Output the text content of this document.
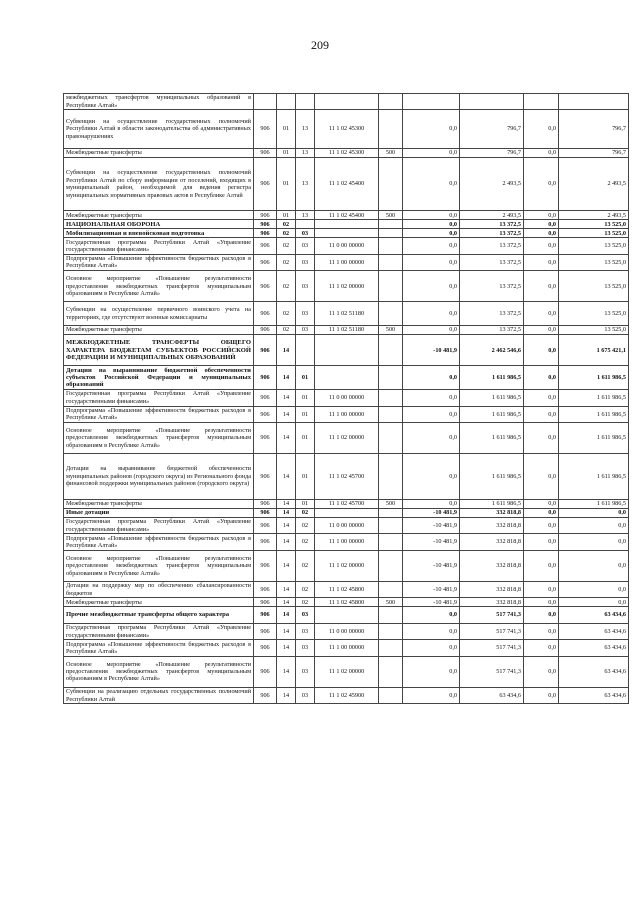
209
межбюджетных трансфертов муниципальных образований в Республике Алтай»									
Субвенции на осуществление государственных полномочий Республики Алтай в области законодательства об административных правонарушениях	906	01	13	11 1 02 45300		0,0	796,7	0,0	796,7
Межбюджетные трансферты	906	01	13	11 1 02 45300	500	0,0	796,7	0,0	796,7
Субвенции на осуществление государственных полномочий Республики Алтай по сбору информации от поселений, входящих в муниципальный район, необходимой для ведения регистра муниципальных нормативных правовых актов в Республике Алтай	906	01	13	11 1 02 45400		0,0	2 493,5	0,0	2 493,5
Межбюджетные трансферты	906	01	13	11 1 02 45400	500	0,0	2 493,5	0,0	2 493,5
НАЦИОНАЛЬНАЯ ОБОРОНА	906	02				0,0	13 372,5	0,0	13 525,0
Мобилизационная и вневойсковая подготовка	906	02	03			0,0	13 372,5	0,0	13 525,0
Государственная программа Республики Алтай «Управление государственными финансами»	906	02	03	11 0 00 00000		0,0	13 372,5	0,0	13 525,0
Подпрограмма «Повышение эффективности бюджетных расходов в Республике Алтай»	906	02	03	11 1 00 00000		0,0	13 372,5	0,0	13 525,0
Основное мероприятие «Повышение результативности предоставления межбюджетных трансфертов муниципальным образованиям в Республике Алтай»	906	02	03	11 1 02 00000		0,0	13 372,5	0,0	13 525,0
Субвенции на осуществление первичного воинского учета на территориях, где отсутствуют военные комиссариаты	906	02	03	11 1 02 51180		0,0	13 372,5	0,0	13 525,0
Межбюджетные трансферты	906	02	03	11 1 02 51180	500	0,0	13 372,5	0,0	13 525,0
МЕЖБЮДЖЕТНЫЕ ТРАНСФЕРТЫ ОБЩЕГО ХАРАКТЕРА БЮДЖЕТАМ СУБЪЕКТОВ РОССИЙСКОЙ ФЕДЕРАЦИИ И МУНИЦИПАЛЬНЫХ ОБРАЗОВАНИЙ	906	14				-10 481,9	2 462 546,6	0,0	1 675 421,1
Дотации на выравнивание бюджетной обеспеченности субъектов Российской Федерации и муниципальных образований	906	14	01			0,0	1 611 986,5	0,0	1 611 986,5
Государственная программа Республики Алтай «Управление государственными финансами»	906	14	01	11 0 00 00000		0,0	1 611 986,5	0,0	1 611 986,5
Подпрограмма «Повышение эффективности бюджетных расходов в Республике Алтай»	906	14	01	11 1 00 00000		0,0	1 611 986,5	0,0	1 611 986,5
Основное мероприятие «Повышение результативности предоставления межбюджетных трансфертов муниципальным образованиям в Республике Алтай»	906	14	01	11 1 02 00000		0,0	1 611 986,5	0,0	1 611 986,5
Дотации на выравнивание бюджетной обеспеченности муниципальных районов (городского округа) из Регионального фонда финансовой поддержки муниципальных районов (городского округа)	906	14	01	11 1 02 45700		0,0	1 611 986,5	0,0	1 611 986,5
Межбюджетные трансферты	906	14	01	11 1 02 45700	500	0,0	1 611 986,5	0,0	1 611 986,5
Иные дотации	906	14	02			-10 481,9	332 818,8	0,0	0,0
Государственная программа Республики Алтай «Управление государственными финансами»	906	14	02	11 0 00 00000		-10 481,9	332 818,8	0,0	0,0
Подпрограмма «Повышение эффективности бюджетных расходов в Республике Алтай»	906	14	02	11 1 00 00000		-10 481,9	332 818,8	0,0	0,0
Основное мероприятие «Повышение результативности предоставления межбюджетных трансфертов муниципальным образованиям в Республике Алтай»	906	14	02	11 1 02 00000		-10 481,9	332 818,8	0,0	0,0
Дотации на поддержку мер по обеспечению сбалансированности бюджетов	906	14	02	11 1 02 45800		-10 481,9	332 818,8	0,0	0,0
Межбюджетные трансферты	906	14	02	11 1 02 45800	500	-10 481,9	332 818,8	0,0	0,0
Прочие межбюджетные трансферты общего характера	906	14	03			0,0	517 741,3	0,0	63 434,6
Государственная программа Республики Алтай «Управление государственными финансами»	906	14	03	11 0 00 00000		0,0	517 741,3	0,0	63 434,6
Подпрограмма «Повышение эффективности бюджетных расходов в Республике Алтай»	906	14	03	11 1 00 00000		0,0	517 741,3	0,0	63 434,6
Основное мероприятие «Повышение результативности предоставления межбюджетных трансфертов муниципальным образованиям в Республике Алтай»	906	14	03	11 1 02 00000		0,0	517 741,3	0,0	63 434,6
Субвенции на реализацию отдельных государственных полномочий Республики Алтай	906	14	03	11 1 02 45900		0,0	63 434,6	0,0	63 434,6
